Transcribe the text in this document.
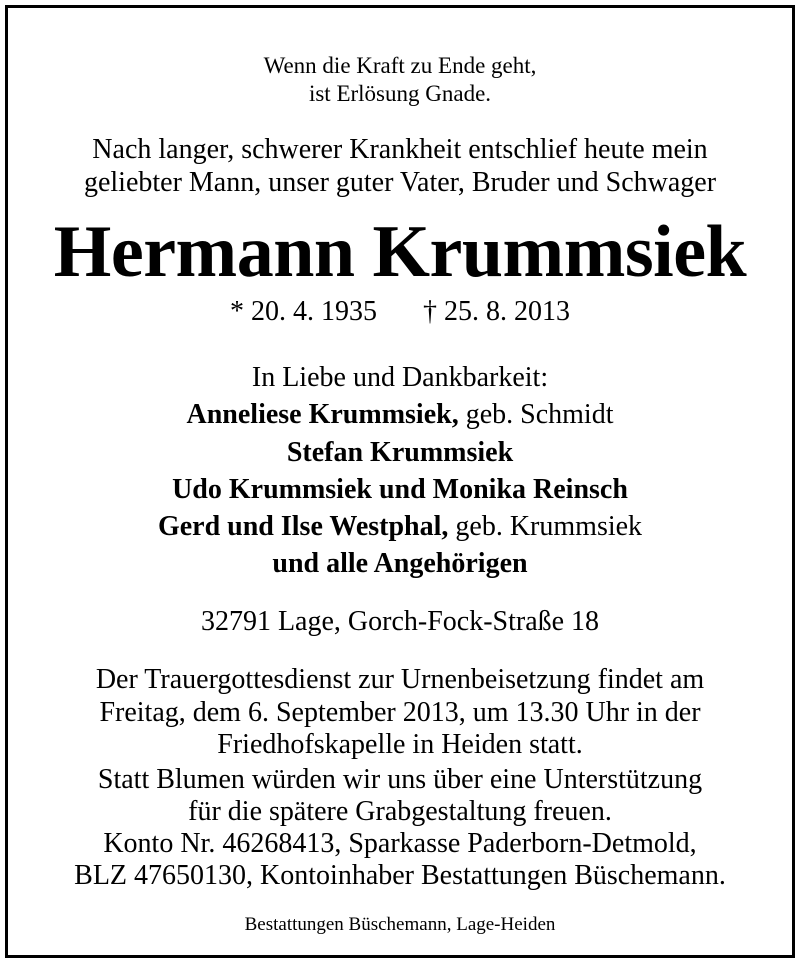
Wenn die Kraft zu Ende geht,
ist Erlösung Gnade.
Nach langer, schwerer Krankheit entschlief heute mein
geliebter Mann, unser guter Vater, Bruder und Schwager
Hermann Krummsiek
* 20. 4. 1935 † 25. 8. 2013
In Liebe und Dankbarkeit:
Anneliese Krummsiek, geb. Schmidt
Stefan Krummsiek
Udo Krummsiek und Monika Reinsch
Gerd und Ilse Westphal, geb. Krummsiek
und alle Angehörigen
32791 Lage, Gorch-Fock-Straße 18
Der Trauergottesdienst zur Urnenbeisetzung findet am
Freitag, dem 6. September 2013, um 13.30 Uhr in der
Friedhofskapelle in Heiden statt.
Statt Blumen würden wir uns über eine Unterstützung
für die spätere Grabgestaltung freuen.
Konto Nr. 46268413, Sparkasse Paderborn-Detmold,
BLZ 47650130, Kontoinhaber Bestattungen Büschemann.
Bestattungen Büschemann, Lage-Heiden
